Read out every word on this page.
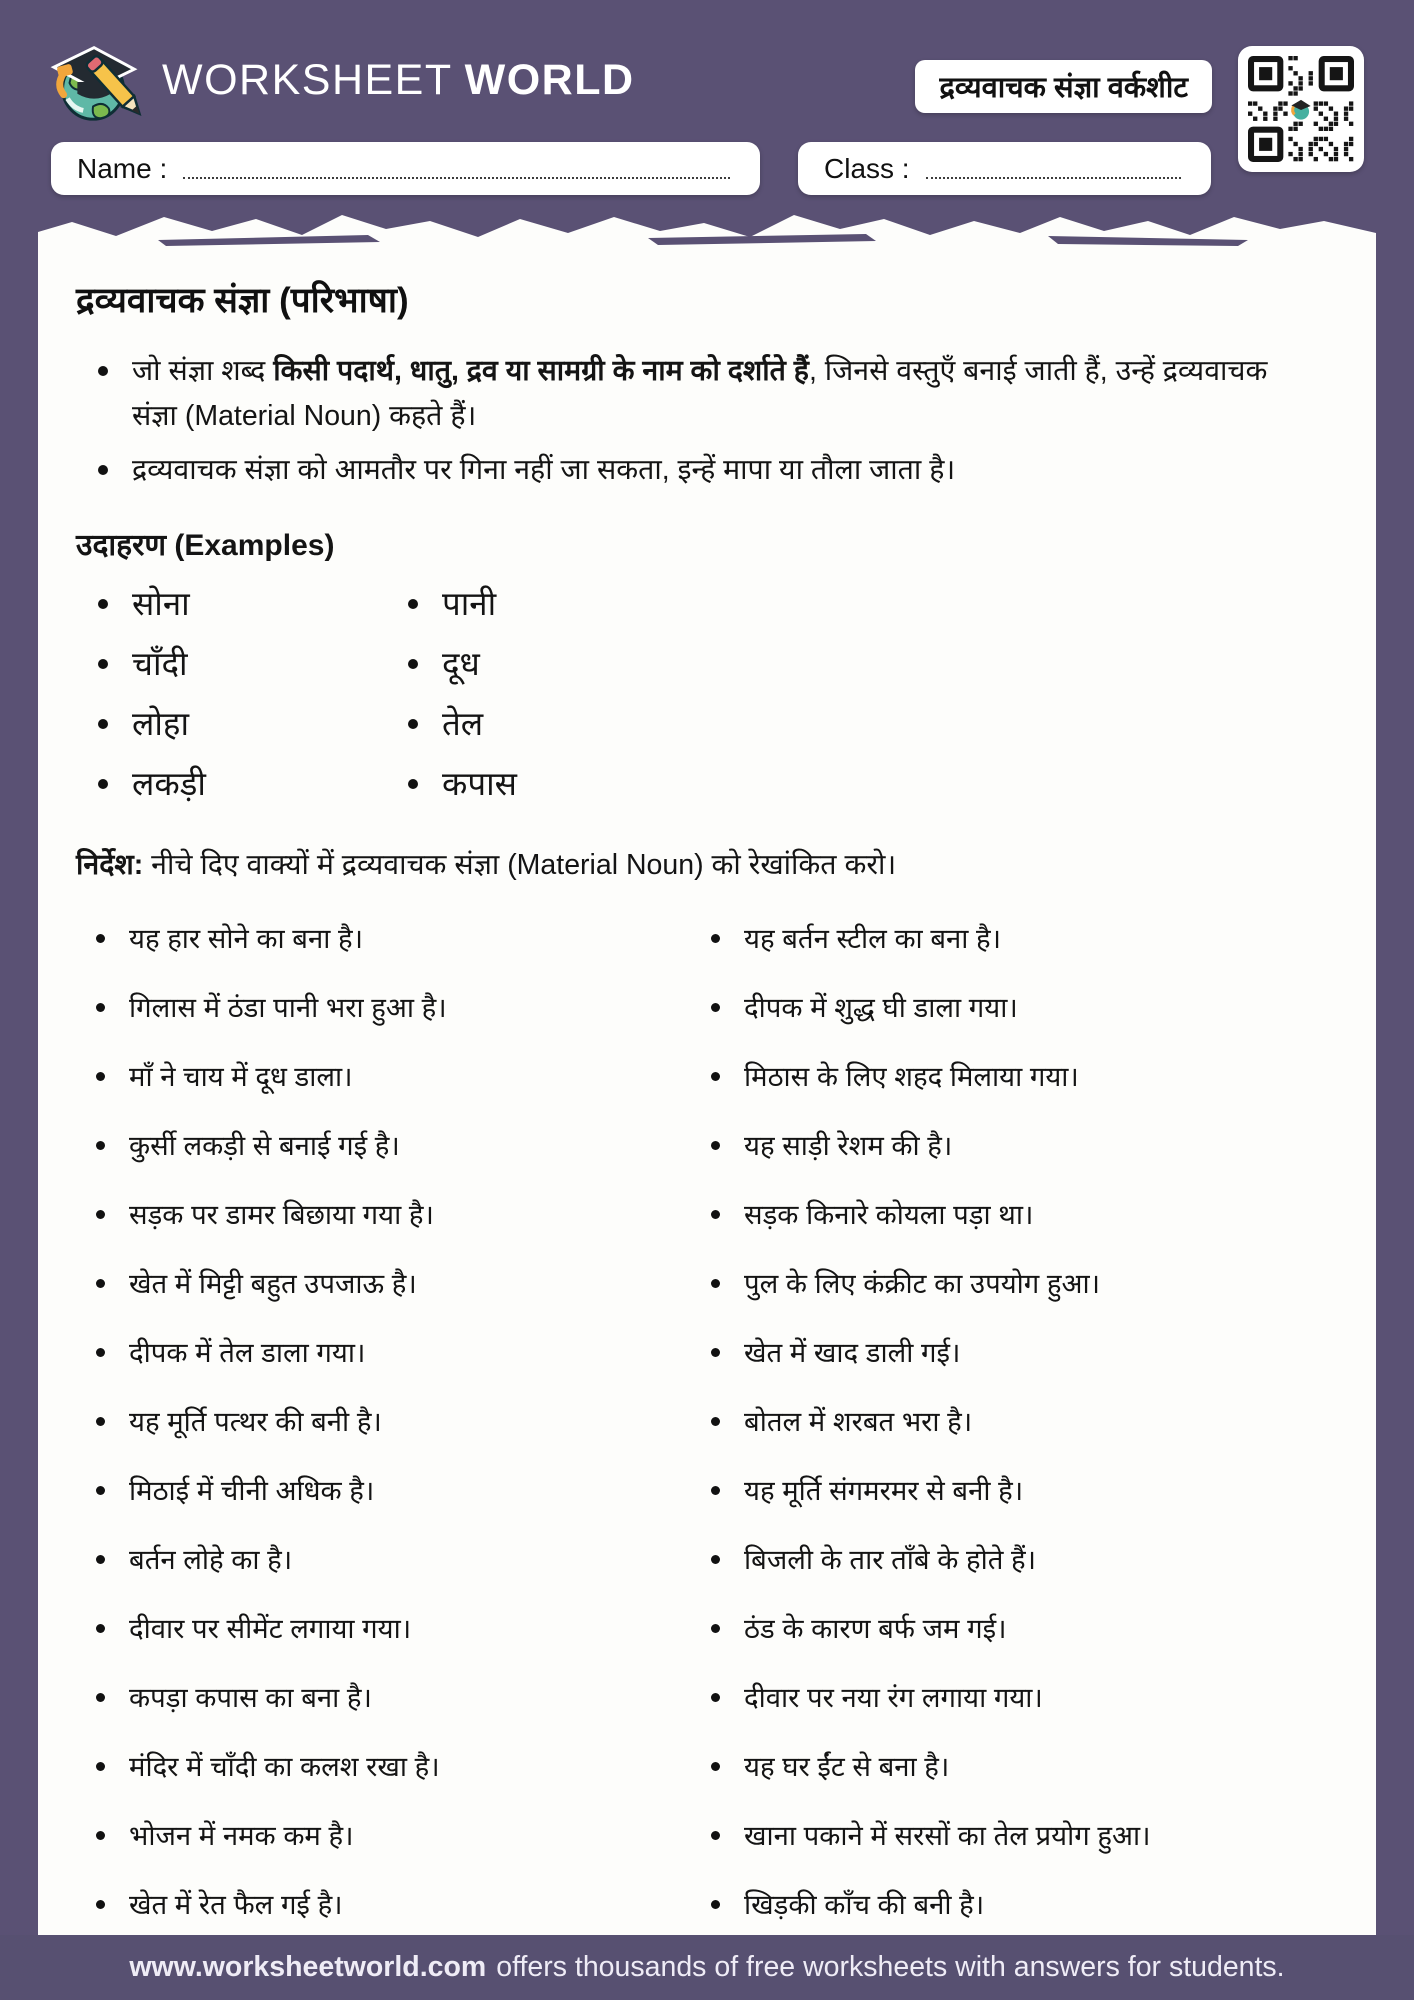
WORKSHEET WORLD	द्रव्यवाचक संज्ञा वर्कशीट
Name :	Class :
द्रव्यवाचक संज्ञा (परिभाषा)
जो संज्ञा शब्द किसी पदार्थ, धातु, द्रव या सामग्री के नाम को दर्शाते हैं, जिनसे वस्तुएँ बनाई जाती हैं, उन्हें द्रव्यवाचक संज्ञा (Material Noun) कहते हैं।
द्रव्यवाचक संज्ञा को आमतौर पर गिना नहीं जा सकता, इन्हें मापा या तौला जाता है।
उदाहरण (Examples)
सोना
चाँदी
लोहा
लकड़ी
पानी
दूध
तेल
कपास
निर्देश: नीचे दिए वाक्यों में द्रव्यवाचक संज्ञा (Material Noun) को रेखांकित करो।
यह हार सोने का बना है।
गिलास में ठंडा पानी भरा हुआ है।
माँ ने चाय में दूध डाला।
कुर्सी लकड़ी से बनाई गई है।
सड़क पर डामर बिछाया गया है।
खेत में मिट्टी बहुत उपजाऊ है।
दीपक में तेल डाला गया।
यह मूर्ति पत्थर की बनी है।
मिठाई में चीनी अधिक है।
बर्तन लोहे का है।
दीवार पर सीमेंट लगाया गया।
कपड़ा कपास का बना है।
मंदिर में चाँदी का कलश रखा है।
भोजन में नमक कम है।
खेत में रेत फैल गई है।
यह बर्तन स्टील का बना है।
दीपक में शुद्ध घी डाला गया।
मिठास के लिए शहद मिलाया गया।
यह साड़ी रेशम की है।
सड़क किनारे कोयला पड़ा था।
पुल के लिए कंक्रीट का उपयोग हुआ।
खेत में खाद डाली गई।
बोतल में शरबत भरा है।
यह मूर्ति संगमरमर से बनी है।
बिजली के तार ताँबे के होते हैं।
ठंड के कारण बर्फ जम गई।
दीवार पर नया रंग लगाया गया।
यह घर ईंट से बना है।
खाना पकाने में सरसों का तेल प्रयोग हुआ।
खिड़की काँच की बनी है।
www.worksheetworld.com offers thousands of free worksheets with answers for students.
